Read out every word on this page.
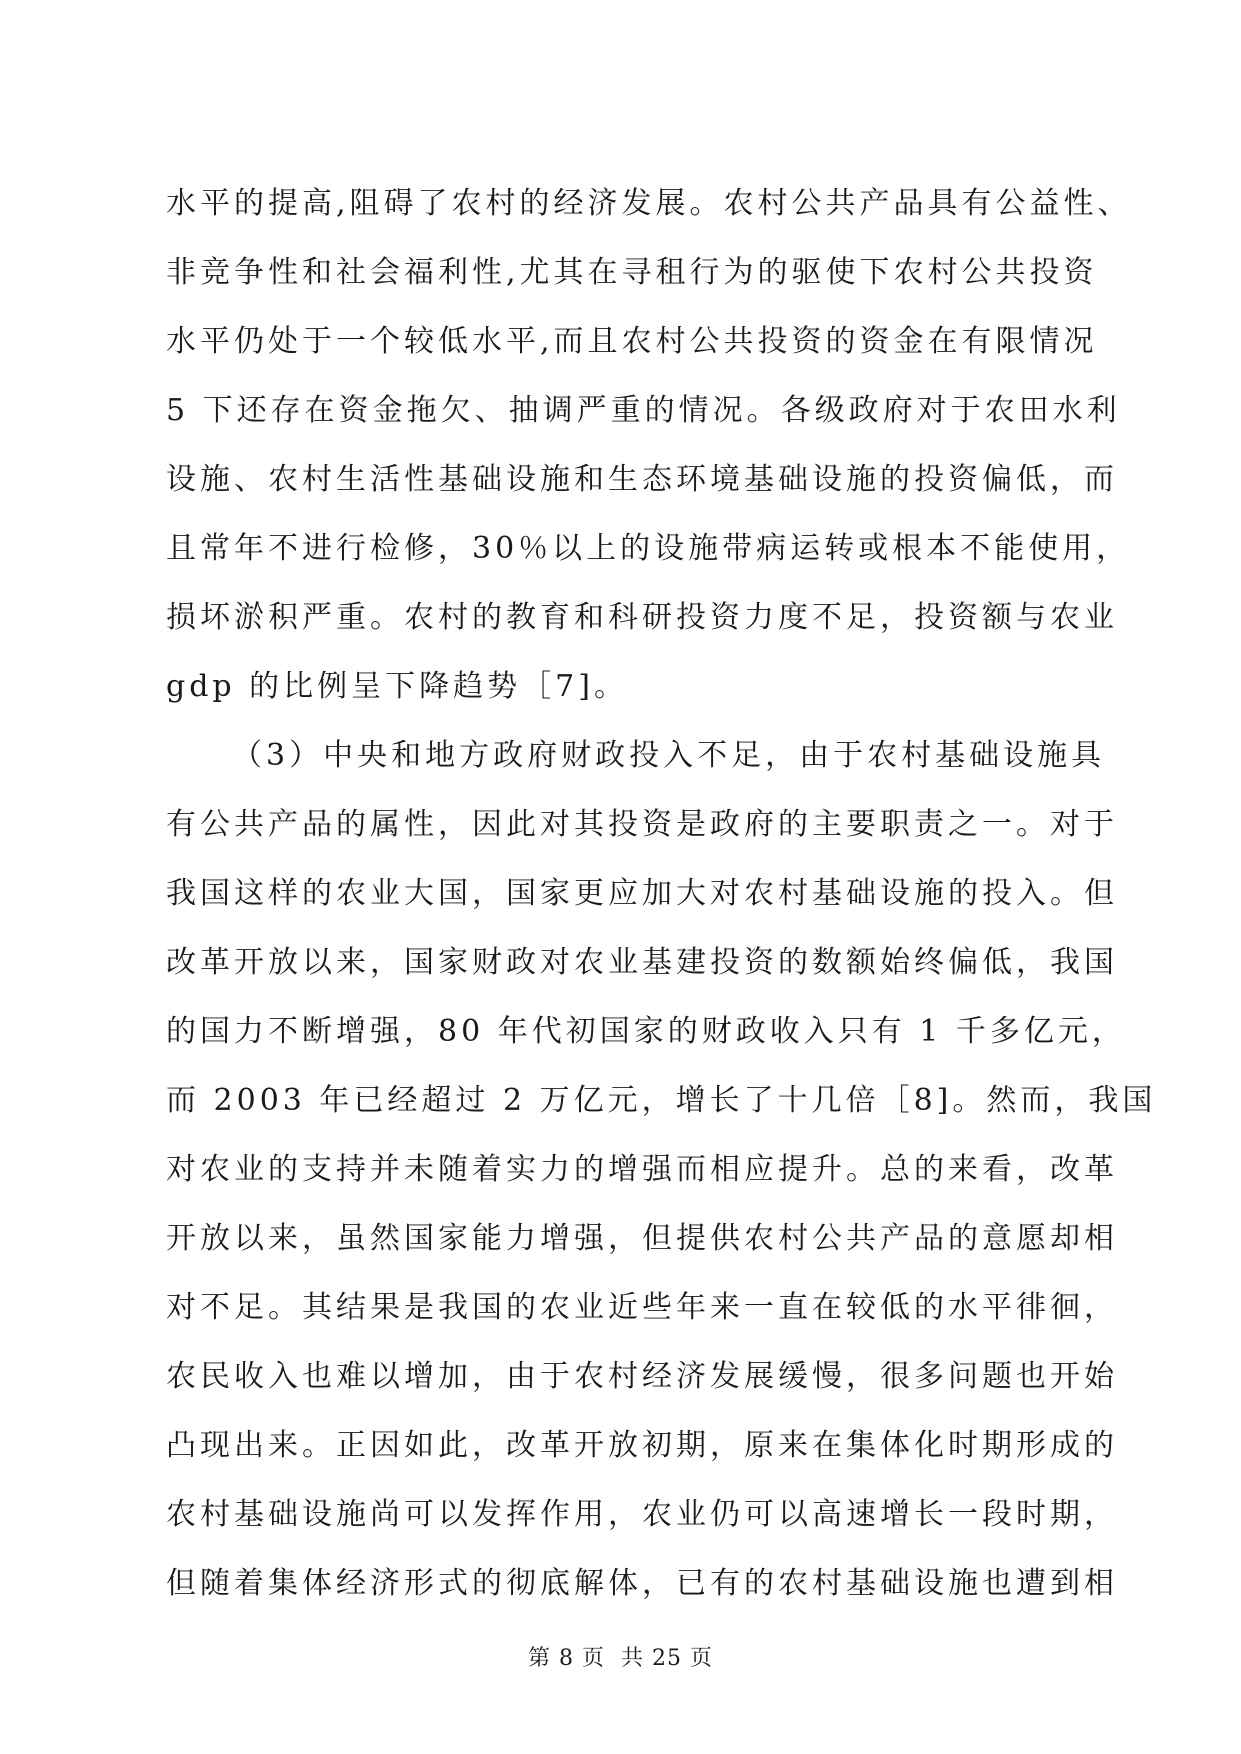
水平的提高,阻碍了农村的经济发展。农村公共产品具有公益性、
非竞争性和社会福利性,尤其在寻租行为的驱使下农村公共投资
水平仍处于一个较低水平,而且农村公共投资的资金在有限情况
5 下还存在资金拖欠、抽调严重的情况。各级政府对于农田水利
设施、农村生活性基础设施和生态环境基础设施的投资偏低，而
且常年不进行检修，30％以上的设施带病运转或根本不能使用，
损坏淤积严重。农村的教育和科研投资力度不足，投资额与农业
gdp 的比例呈下降趋势［7]。
（3）中央和地方政府财政投入不足，由于农村基础设施具
有公共产品的属性，因此对其投资是政府的主要职责之一。对于
我国这样的农业大国，国家更应加大对农村基础设施的投入。但
改革开放以来，国家财政对农业基建投资的数额始终偏低，我国
的国力不断增强，80 年代初国家的财政收入只有 1 千多亿元，
而 2003 年已经超过 2 万亿元，增长了十几倍［8]。然而，我国
对农业的支持并未随着实力的增强而相应提升。总的来看，改革
开放以来，虽然国家能力增强，但提供农村公共产品的意愿却相
对不足。其结果是我国的农业近些年来一直在较低的水平徘徊，
农民收入也难以增加，由于农村经济发展缓慢，很多问题也开始
凸现出来。正因如此，改革开放初期，原来在集体化时期形成的
农村基础设施尚可以发挥作用，农业仍可以高速增长一段时期，
但随着集体经济形式的彻底解体，已有的农村基础设施也遭到相
第 8 页  共 25 页
